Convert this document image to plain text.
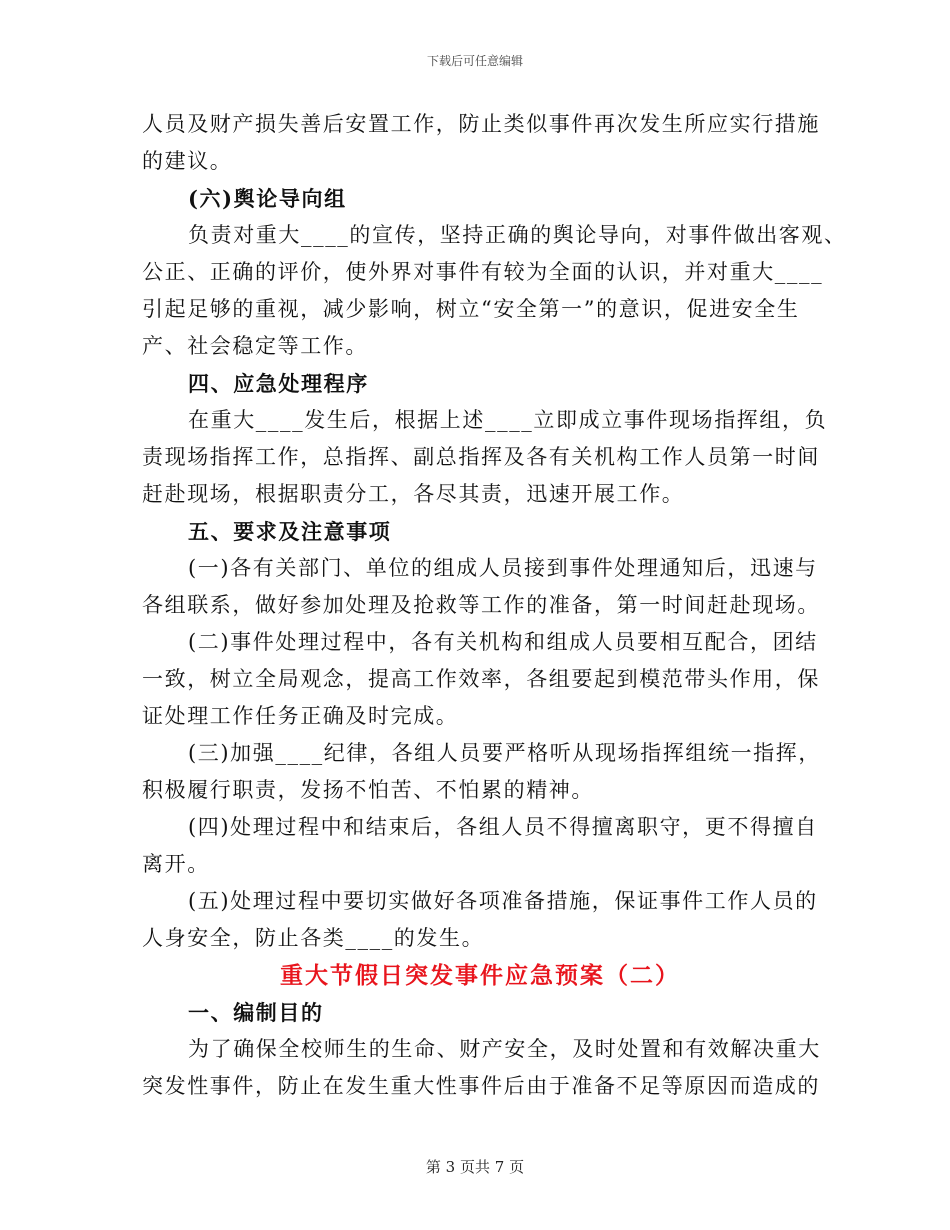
下载后可任意编辑
人员及财产损失善后安置工作，防止类似事件再次发生所应实行措施
的建议。
(六)舆论导向组
负责对重大____的宣传，坚持正确的舆论导向，对事件做出客观、
公正、正确的评价，使外界对事件有较为全面的认识，并对重大____
引起足够的重视，减少影响，树立“安全第一”的意识，促进安全生
产、社会稳定等工作。
四、应急处理程序
在重大____发生后，根据上述____立即成立事件现场指挥组，负
责现场指挥工作，总指挥、副总指挥及各有关机构工作人员第一时间
赶赴现场，根据职责分工，各尽其责，迅速开展工作。
五、要求及注意事项
(一)各有关部门、单位的组成人员接到事件处理通知后，迅速与
各组联系，做好参加处理及抢救等工作的准备，第一时间赶赴现场。
(二)事件处理过程中，各有关机构和组成人员要相互配合，团结
一致，树立全局观念，提高工作效率，各组要起到模范带头作用，保
证处理工作任务正确及时完成。
(三)加强____纪律，各组人员要严格听从现场指挥组统一指挥，
积极履行职责，发扬不怕苦、不怕累的精神。
(四)处理过程中和结束后，各组人员不得擅离职守，更不得擅自
离开。
(五)处理过程中要切实做好各项准备措施，保证事件工作人员的
人身安全，防止各类____的发生。
重大节假日突发事件应急预案（二）
一、编制目的
为了确保全校师生的生命、财产安全，及时处置和有效解决重大
突发性事件，防止在发生重大性事件后由于准备不足等原因而造成的
第 3 页共 7 页
